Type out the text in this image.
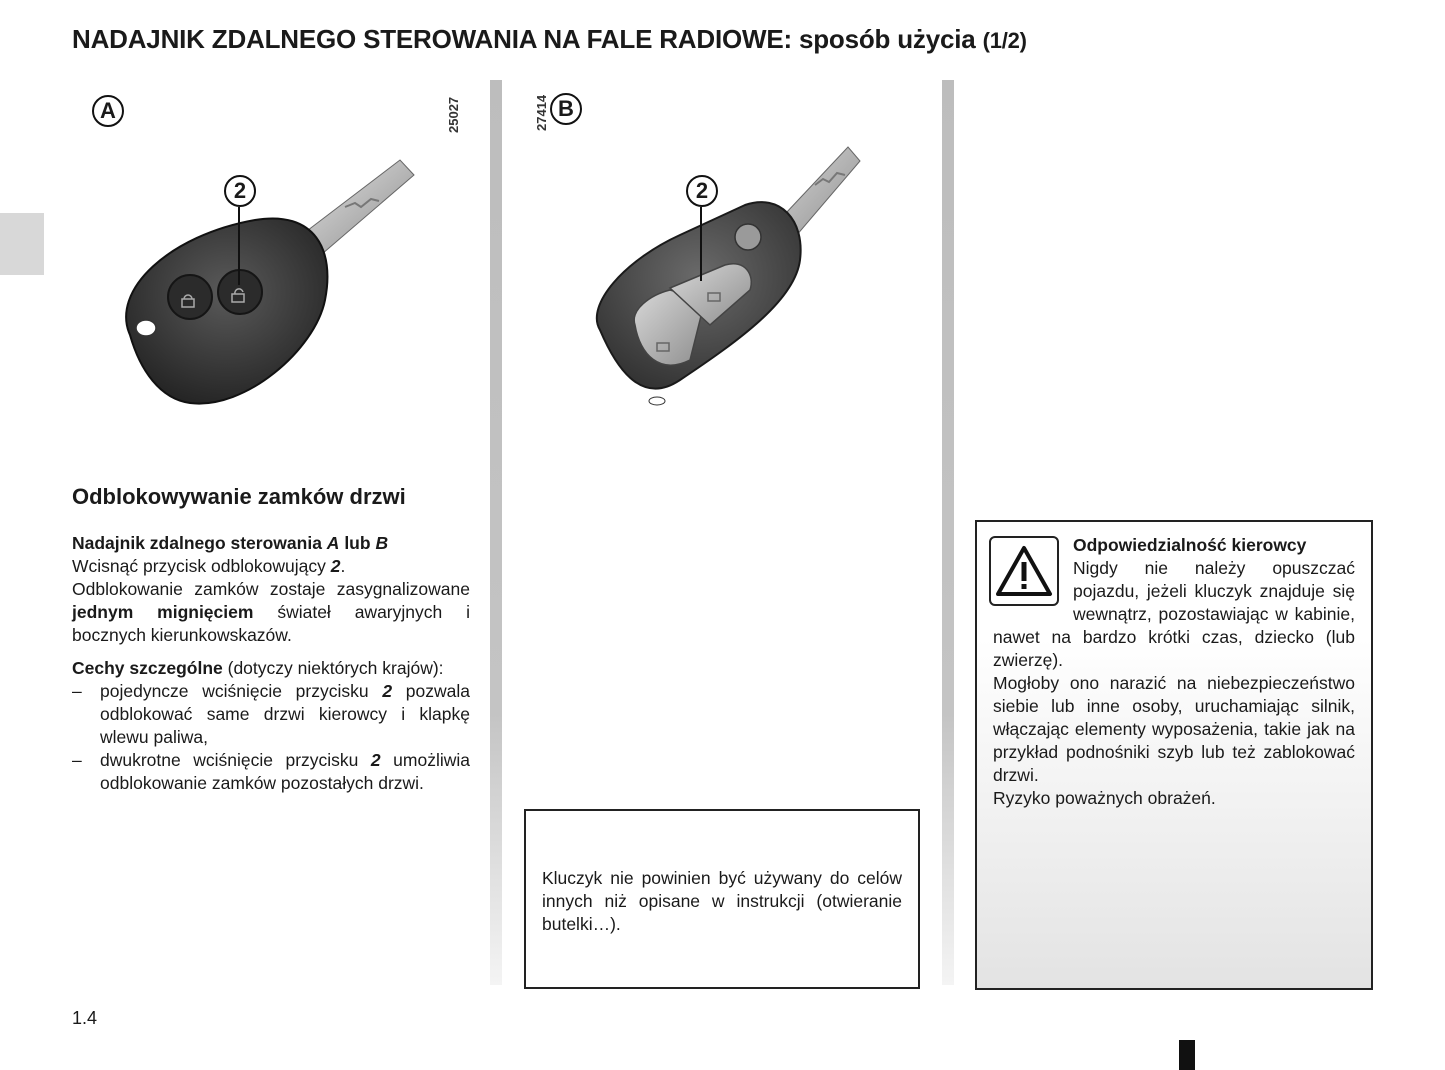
NADAJNIK ZDALNEGO STEROWANIA NA FALE RADIOWE: sposób użycia (1/2)
A	25027
2
27414 B
2
Odblokowywanie zamków drzwi

Nadajnik zdalnego sterowania A lub B

Wcisnąć przycisk odblokowujący 2.

Odblokowanie zamków zostaje zasygnalizowane jednym mignięciem świateł awaryjnych i bocznych kierunkowskazów.

Cechy szczególne (dotyczy niektórych krajów):

– pojedyncze wciśnięcie przycisku 2 pozwala odblokować same drzwi kierowcy i klapkę wlewu paliwa,
– dwukrotne wciśnięcie przycisku 2 umożliwia odblokowanie zamków pozostałych drzwi.
Kluczyk nie powinien być używany do celów innych niż opisane w instrukcji (otwieranie butelki…).

Odpowiedzialność kierowcy

Nigdy nie należy opuszczać pojazdu, jeżeli kluczyk znajduje się wewnątrz, pozostawiając w kabinie, nawet na bardzo krótki czas, dziecko (lub zwierzę).

Mogłoby ono narazić na niebezpieczeństwo siebie lub inne osoby, uruchamiając silnik, włączając elementy wyposażenia, takie jak na przykład podnośniki szyb lub też zablokować drzwi.

Ryzyko poważnych obrażeń.

1.4
